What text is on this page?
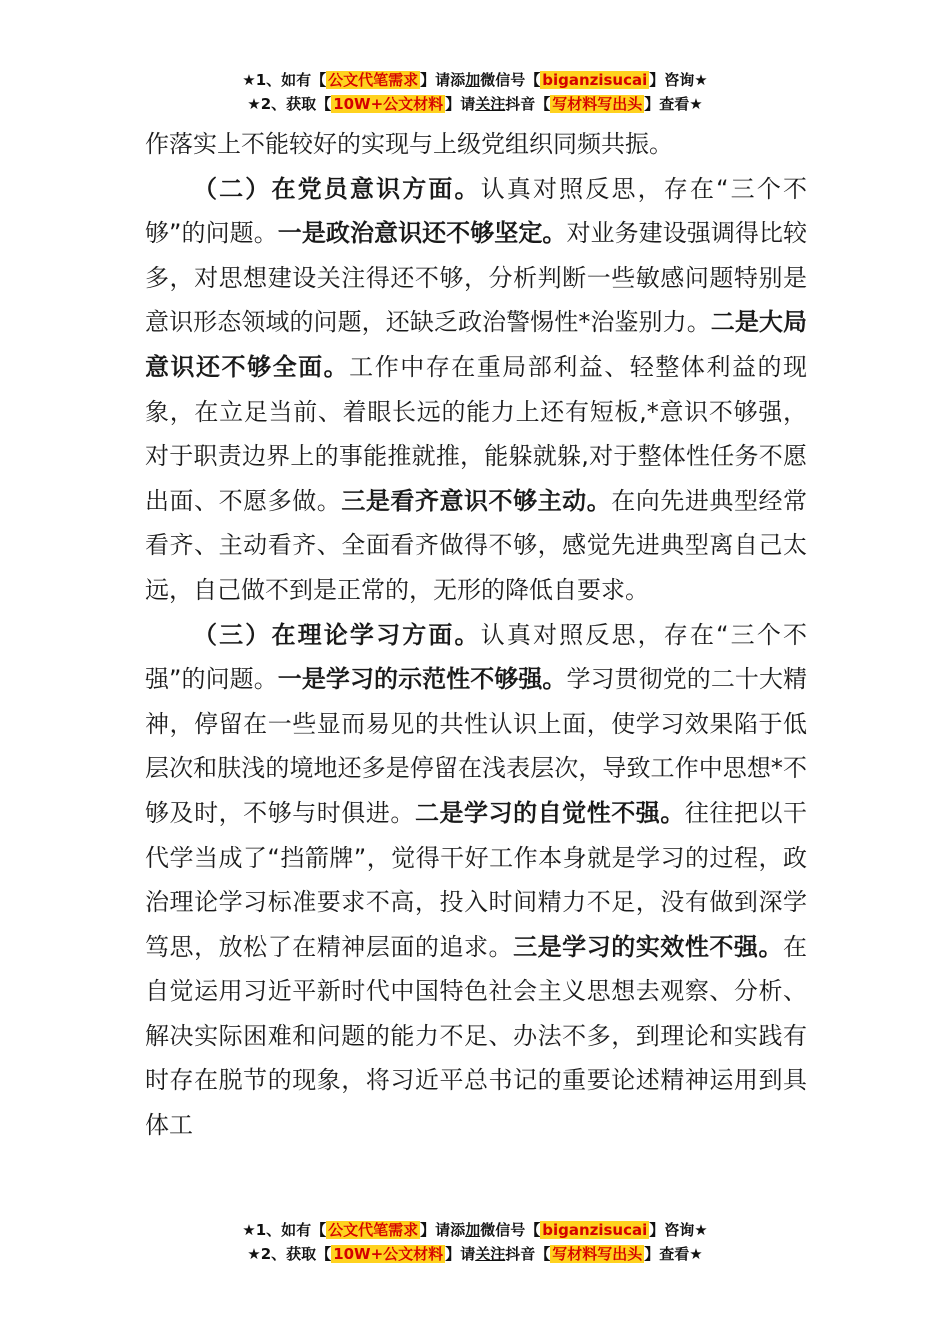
★1、如有【 公文代笔需求 】请添加微信号【 biganzisucai 】咨询★
★2、获取【 10W+公文材料 】请关注抖音【 写材料写出头 】查看★

作落实上不能较好的实现与上级党组织同频共振。

（二）在党员意识方面。认真对照反思，存在“三个不够”的问题。一是政治意识还不够坚定。对业务建设强调得比较多，对思想建设关注得还不够，分析判断一些敏感问题特别是意识形态领域的问题，还缺乏政治警惕性*治鉴别力。二是大局意识还不够全面。工作中存在重局部利益、轻整体利益的现象，在立足当前、着眼长远的能力上还有短板,*意识不够强，对于职责边界上的事能推就推，能躲就躲,对于整体性任务不愿出面、不愿多做。三是看齐意识不够主动。在向先进典型经常看齐、主动看齐、全面看齐做得不够，感觉先进典型离自己太远，自己做不到是正常的，无形的降低自要求。

（三）在理论学习方面。认真对照反思，存在“三个不强”的问题。一是学习的示范性不够强。学习贯彻党的二十大精神，停留在一些显而易见的共性认识上面，使学习效果陷于低层次和肤浅的境地还多是停留在浅表层次，导致工作中思想*不够及时，不够与时俱进。二是学习的自觉性不强。往往把以干代学当成了“挡箭牌”，觉得干好工作本身就是学习的过程，政治理论学习标准要求不高，投入时间精力不足，没有做到深学笃思，放松了在精神层面的追求。三是学习的实效性不强。在自觉运用习近平新时代中国特色社会主义思想去观察、分析、解决实际困难和问题的能力不足、办法不多，到理论和实践有时存在脱节的现象，将习近平总书记的重要论述精神运用到具体工

★1、如有【 公文代笔需求 】请添加微信号【 biganzisucai 】咨询★
★2、获取【 10W+公文材料 】请关注抖音【 写材料写出头 】查看★
